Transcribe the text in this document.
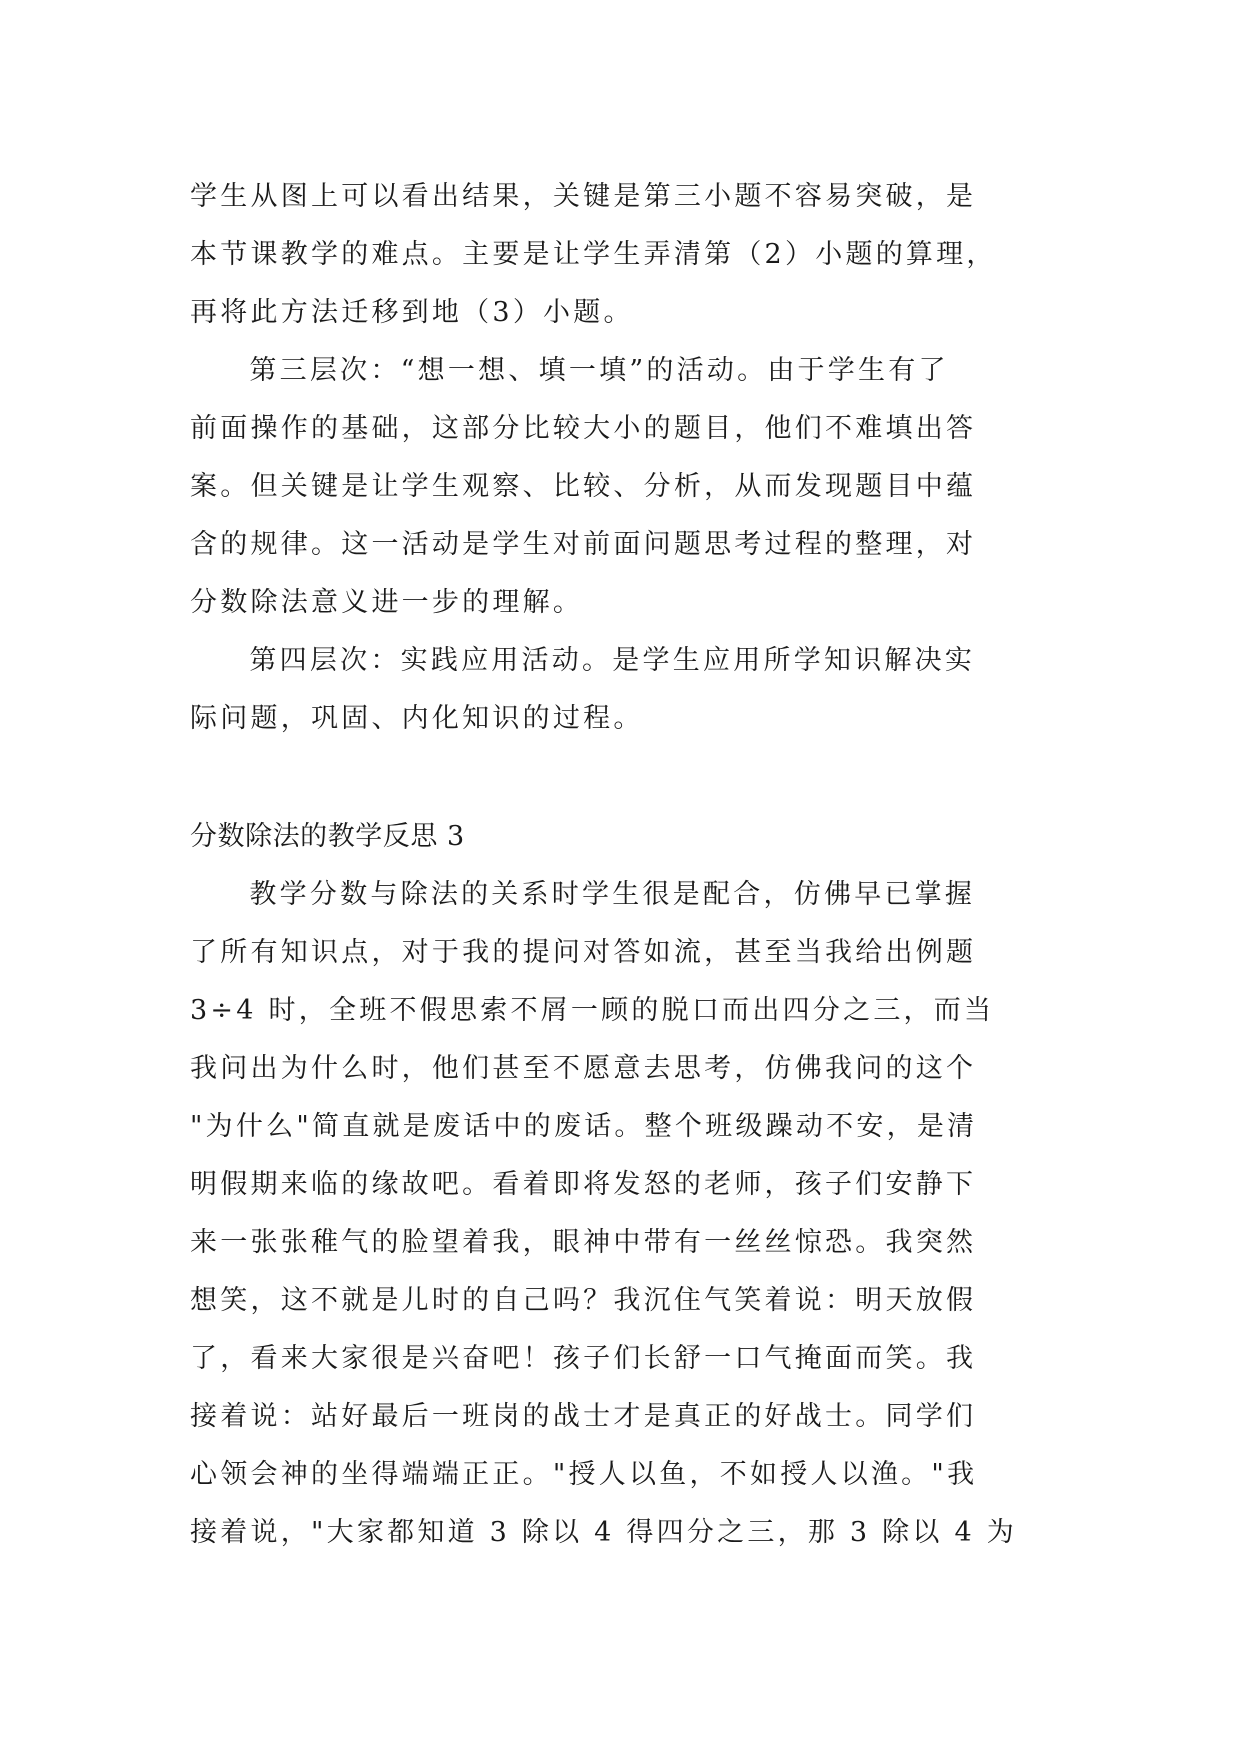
学生从图上可以看出结果，关键是第三小题不容易突破，是
本节课教学的难点。主要是让学生弄清第（2）小题的算理，
再将此方法迁移到地（3）小题。
第三层次：“想一想、填一填”的活动。由于学生有了
前面操作的基础，这部分比较大小的题目，他们不难填出答
案。但关键是让学生观察、比较、分析，从而发现题目中蕴
含的规律。这一活动是学生对前面问题思考过程的整理，对
分数除法意义进一步的理解。
第四层次：实践应用活动。是学生应用所学知识解决实
际问题，巩固、内化知识的过程。
分数除法的教学反思 3
教学分数与除法的关系时学生很是配合，仿佛早已掌握
了所有知识点，对于我的提问对答如流，甚至当我给出例题
3÷4 时，全班不假思索不屑一顾的脱口而出四分之三，而当
我问出为什么时，他们甚至不愿意去思考，仿佛我问的这个
"为什么"简直就是废话中的废话。整个班级躁动不安，是清
明假期来临的缘故吧。看着即将发怒的老师，孩子们安静下
来一张张稚气的脸望着我，眼神中带有一丝丝惊恐。我突然
想笑，这不就是儿时的自己吗？我沉住气笑着说：明天放假
了，看来大家很是兴奋吧！孩子们长舒一口气掩面而笑。我
接着说：站好最后一班岗的战士才是真正的好战士。同学们
心领会神的坐得端端正正。"授人以鱼，不如授人以渔。"我
接着说，"大家都知道 3 除以 4 得四分之三，那 3 除以 4 为
